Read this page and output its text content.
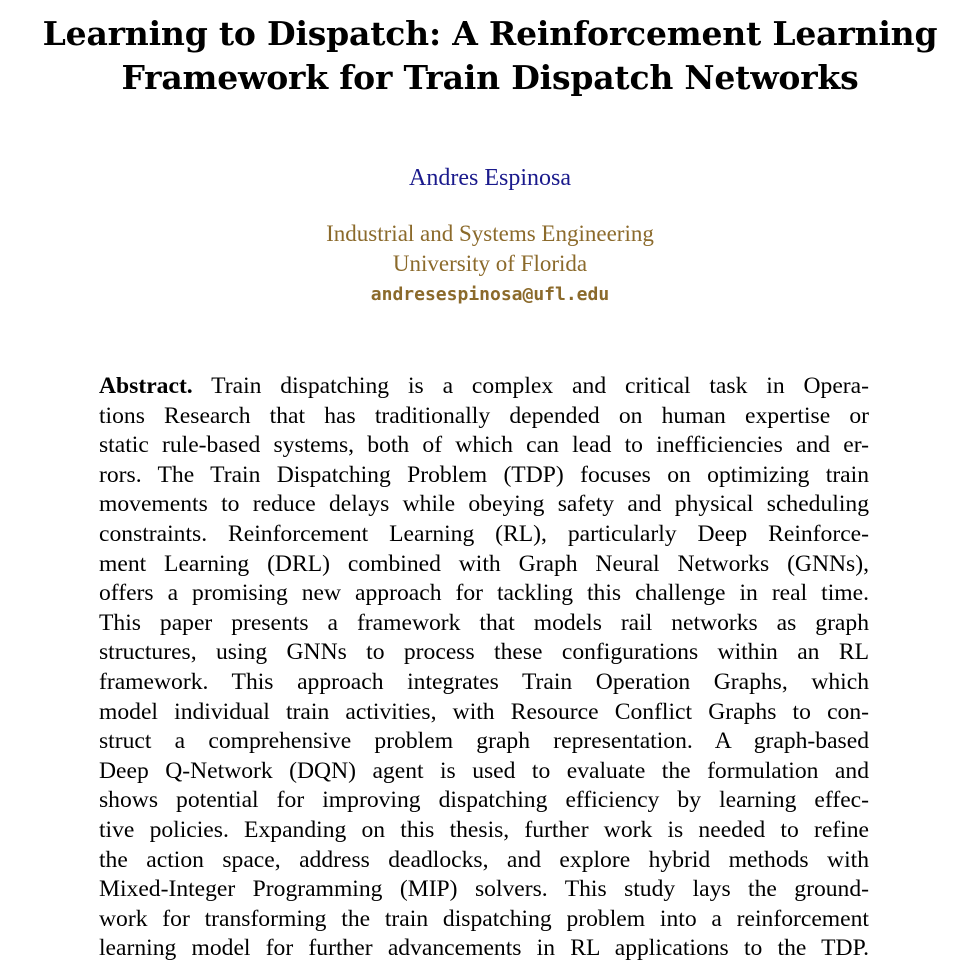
Learning to Dispatch: A Reinforcement Learning
Framework for Train Dispatch Networks
Andres Espinosa
Industrial and Systems Engineering
University of Florida
andresespinosa@ufl.edu
Abstract. Train dispatching is a complex and critical task in Opera-
tions Research that has traditionally depended on human expertise or
static rule-based systems, both of which can lead to inefficiencies and er-
rors. The Train Dispatching Problem (TDP) focuses on optimizing train
movements to reduce delays while obeying safety and physical scheduling
constraints. Reinforcement Learning (RL), particularly Deep Reinforce-
ment Learning (DRL) combined with Graph Neural Networks (GNNs),
offers a promising new approach for tackling this challenge in real time.
This paper presents a framework that models rail networks as graph
structures, using GNNs to process these configurations within an RL
framework. This approach integrates Train Operation Graphs, which
model individual train activities, with Resource Conflict Graphs to con-
struct a comprehensive problem graph representation. A graph-based
Deep Q-Network (DQN) agent is used to evaluate the formulation and
shows potential for improving dispatching efficiency by learning effec-
tive policies. Expanding on this thesis, further work is needed to refine
the action space, address deadlocks, and explore hybrid methods with
Mixed-Integer Programming (MIP) solvers. This study lays the ground-
work for transforming the train dispatching problem into a reinforcement
learning model for further advancements in RL applications to the TDP.
